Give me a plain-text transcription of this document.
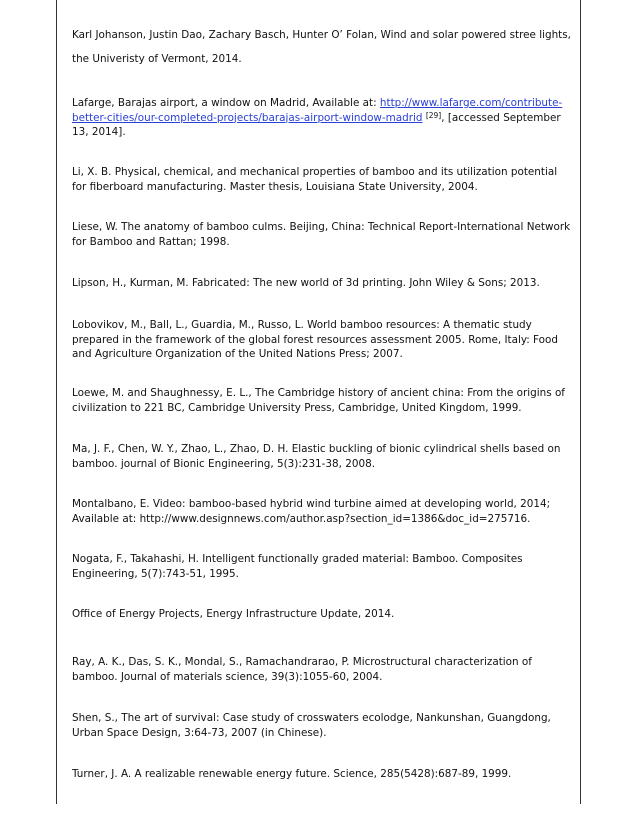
Karl Johanson, Justin Dao, Zachary Basch, Hunter O’ Folan, Wind and solar powered stree lights,
the Univeristy of Vermont, 2014.
Lafarge, Barajas airport, a window on Madrid, Available at: http://www.lafarge.com/contribute-better-cities/our-completed-projects/barajas-airport-window-madrid [29], [accessed September 13, 2014].
Li, X. B. Physical, chemical, and mechanical properties of bamboo and its utilization potential for fiberboard manufacturing. Master thesis, Louisiana State University, 2004.
Liese, W. The anatomy of bamboo culms. Beijing, China: Technical Report-International Network for Bamboo and Rattan; 1998.
Lipson, H., Kurman, M. Fabricated: The new world of 3d printing. John Wiley & Sons; 2013.
Lobovikov, M., Ball, L., Guardia, M., Russo, L. World bamboo resources: A thematic study prepared in the framework of the global forest resources assessment 2005. Rome, Italy: Food and Agriculture Organization of the United Nations Press; 2007.
Loewe, M. and Shaughnessy, E. L., The Cambridge history of ancient china: From the origins of civilization to 221 BC, Cambridge University Press, Cambridge, United Kingdom, 1999.
Ma, J. F., Chen, W. Y., Zhao, L., Zhao, D. H. Elastic buckling of bionic cylindrical shells based on bamboo. journal of Bionic Engineering, 5(3):231-38, 2008.
Montalbano, E. Video: bamboo-based hybrid wind turbine aimed at developing world, 2014; Available at: http://www.designnews.com/author.asp?section_id=1386&doc_id=275716.
Nogata, F., Takahashi, H. Intelligent functionally graded material: Bamboo. Composites Engineering, 5(7):743-51, 1995.
Office of Energy Projects, Energy Infrastructure Update, 2014.
Ray, A. K., Das, S. K., Mondal, S., Ramachandrarao, P. Microstructural characterization of bamboo. Journal of materials science, 39(3):1055-60, 2004.
Shen, S., The art of survival: Case study of crosswaters ecolodge, Nankunshan, Guangdong, Urban Space Design, 3:64-73, 2007 (in Chinese).
Turner, J. A. A realizable renewable energy future. Science, 285(5428):687-89, 1999.
